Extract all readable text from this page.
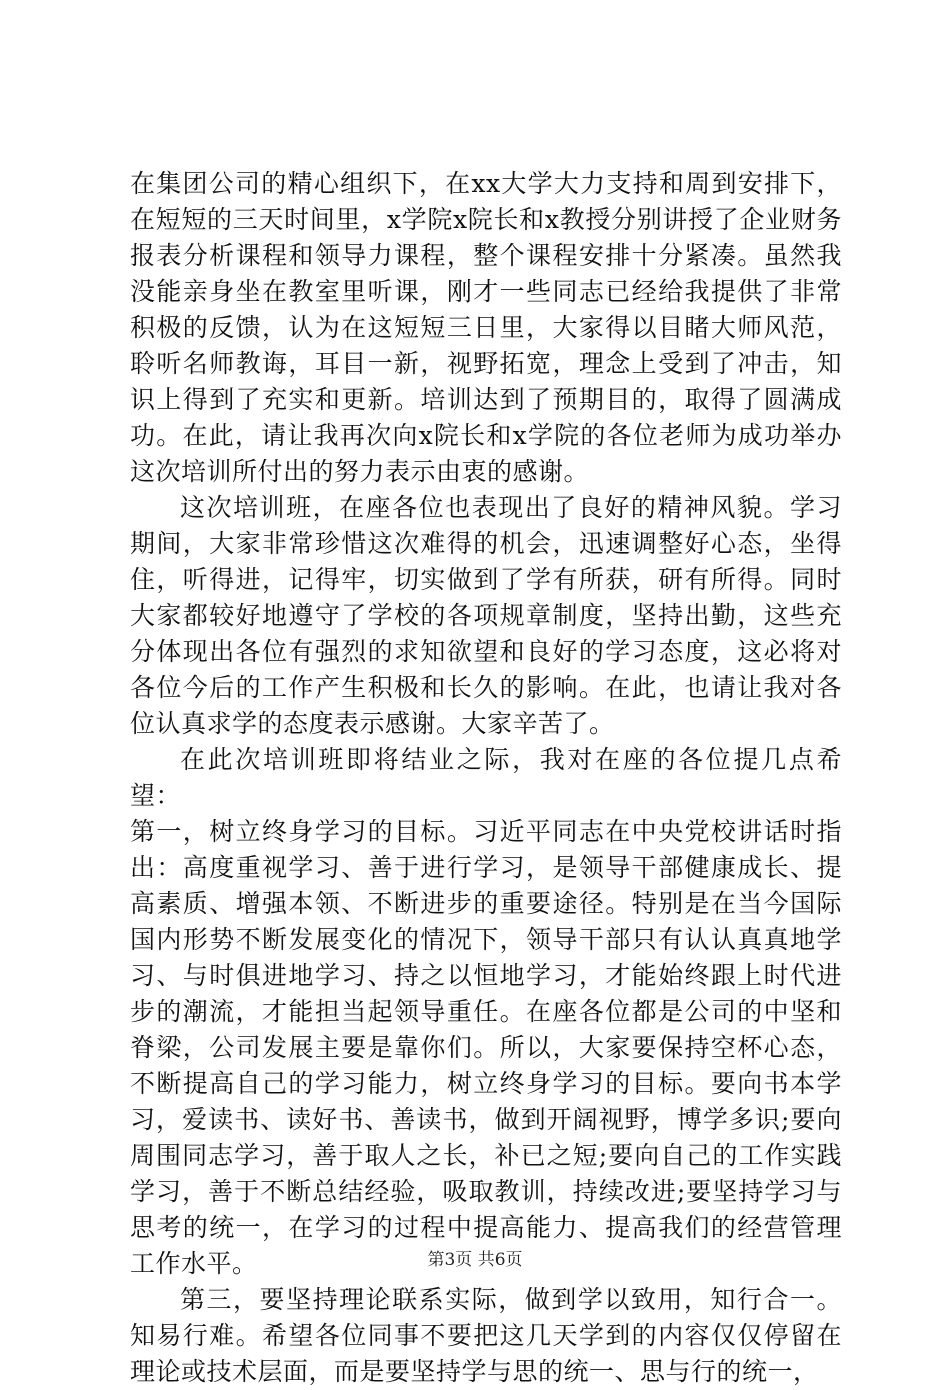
在集团公司的精心组织下，在xx大学大力支持和周到安排下，在短短的三天时间里，x学院x院长和x教授分别讲授了企业财务报表分析课程和领导力课程，整个课程安排十分紧凑。虽然我没能亲身坐在教室里听课，刚才一些同志已经给我提供了非常积极的反馈，认为在这短短三日里，大家得以目睹大师风范，聆听名师教诲，耳目一新，视野拓宽，理念上受到了冲击，知识上得到了充实和更新。培训达到了预期目的，取得了圆满成功。在此，请让我再次向x院长和x学院的各位老师为成功举办这次培训所付出的努力表示由衷的感谢。

这次培训班，在座各位也表现出了良好的精神风貌。学习期间，大家非常珍惜这次难得的机会，迅速调整好心态，坐得住，听得进，记得牢，切实做到了学有所获，研有所得。同时大家都较好地遵守了学校的各项规章制度，坚持出勤，这些充分体现出各位有强烈的求知欲望和良好的学习态度，这必将对各位今后的工作产生积极和长久的影响。在此，也请让我对各位认真求学的态度表示感谢。大家辛苦了。

在此次培训班即将结业之际，我对在座的各位提几点希望：

第一，树立终身学习的目标。习近平同志在中央党校讲话时指出：高度重视学习、善于进行学习，是领导干部健康成长、提高素质、增强本领、不断进步的重要途径。特别是在当今国际国内形势不断发展变化的情况下，领导干部只有认认真真地学习、与时俱进地学习、持之以恒地学习，才能始终跟上时代进步的潮流，才能担当起领导重任。在座各位都是公司的中坚和脊梁，公司发展主要是靠你们。所以，大家要保持空杯心态，不断提高自己的学习能力，树立终身学习的目标。要向书本学习，爱读书、读好书、善读书，做到开阔视野，博学多识;要向周围同志学习，善于取人之长，补已之短;要向自己的工作实践学习，善于不断总结经验，吸取教训，持续改进;要坚持学习与思考的统一，在学习的过程中提高能力、提高我们的经营管理工作水平。

第三，要坚持理论联系实际，做到学以致用，知行合一。知易行难。希望各位同事不要把这几天学到的内容仅仅停留在理论或技术层面，而是要坚持学与思的统一、思与行的统一，

第3页 共6页
